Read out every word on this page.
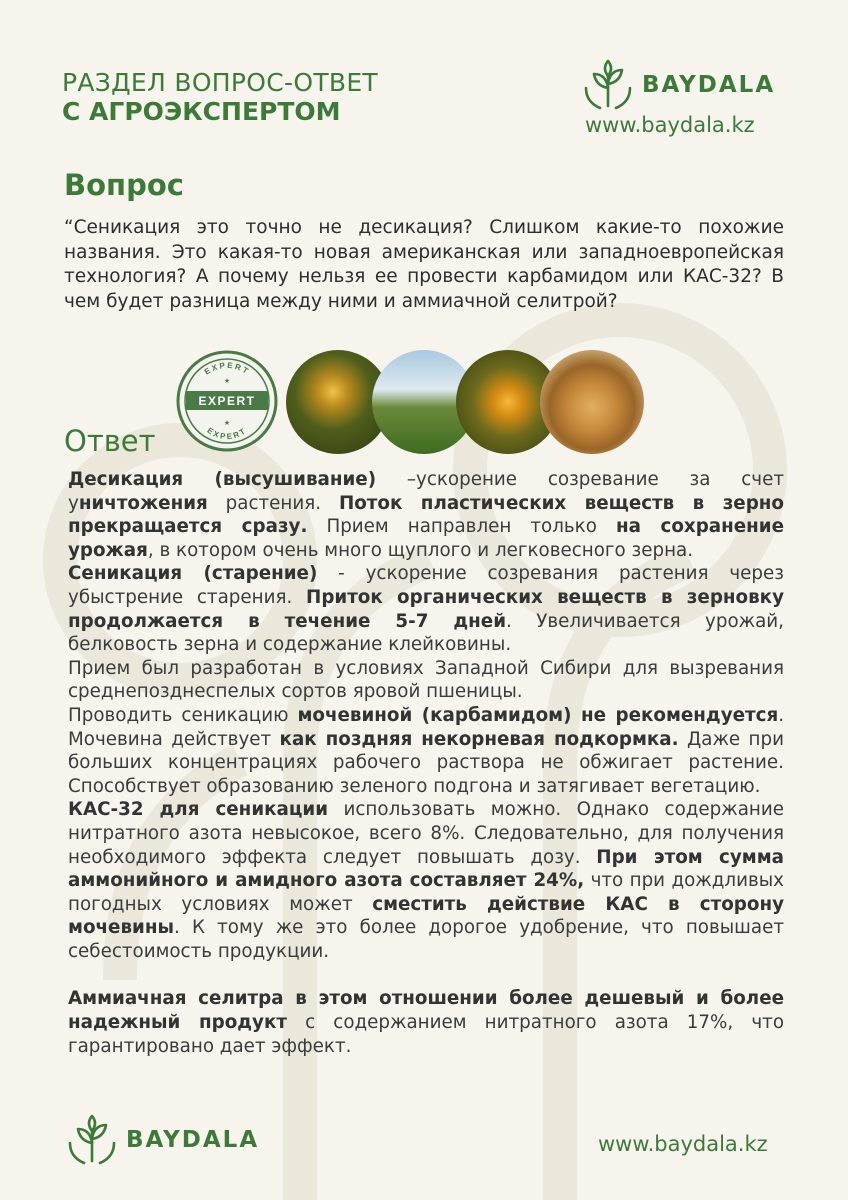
РАЗДЕЛ ВОПРОС-ОТВЕТ
С АГРОЭКСПЕРТОМ
BAYDALA
www.baydala.kz
Вопрос
“Сеникация это точно не десикация? Слишком какие-то похожие названия. Это какая-то новая американская или западноевропейская технология? А почему нельзя ее провести карбамидом или КАС-32? В чем будет разница между ними и аммиачной селитрой?
EXPERT
EXPERT
★
★
EXPERT
Ответ

Десикация (высушивание) –ускорение созревание за счет уничтожения растения. Поток пластических веществ в зерно прекращается сразу. Прием направлен только на сохранение урожая, в котором очень много щуплого и легковесного зерна.

Сеникация (старение) - ускорение созревания растения через убыстрение старения. Приток органических веществ в зерновку продолжается в течение 5-7 дней. Увеличивается урожай, белковость зерна и содержание клейковины.

Прием был разработан в условиях Западной Сибири для вызревания среднепозднеспелых сортов яровой пшеницы.

Проводить сеникацию мочевиной (карбамидом) не рекомендуется. Мочевина действует как поздняя некорневая подкормка. Даже при больших концентрациях рабочего раствора не обжигает растение. Способствует образованию зеленого подгона и затягивает вегетацию.

КАС-32 для сеникации использовать можно. Однако содержание нитратного азота невысокое, всего 8%. Следовательно, для получения необходимого эффекта следует повышать дозу. При этом сумма аммонийного и амидного азота составляет 24%, что при дождливых погодных условиях может сместить действие КАС в сторону мочевины. К тому же это более дорогое удобрение, что повышает себестоимость продукции.

Аммиачная селитра в этом отношении более дешевый и более надежный продукт с содержанием нитратного азота 17%, что гарантировано дает эффект.

BAYDALA	www.baydala.kz
